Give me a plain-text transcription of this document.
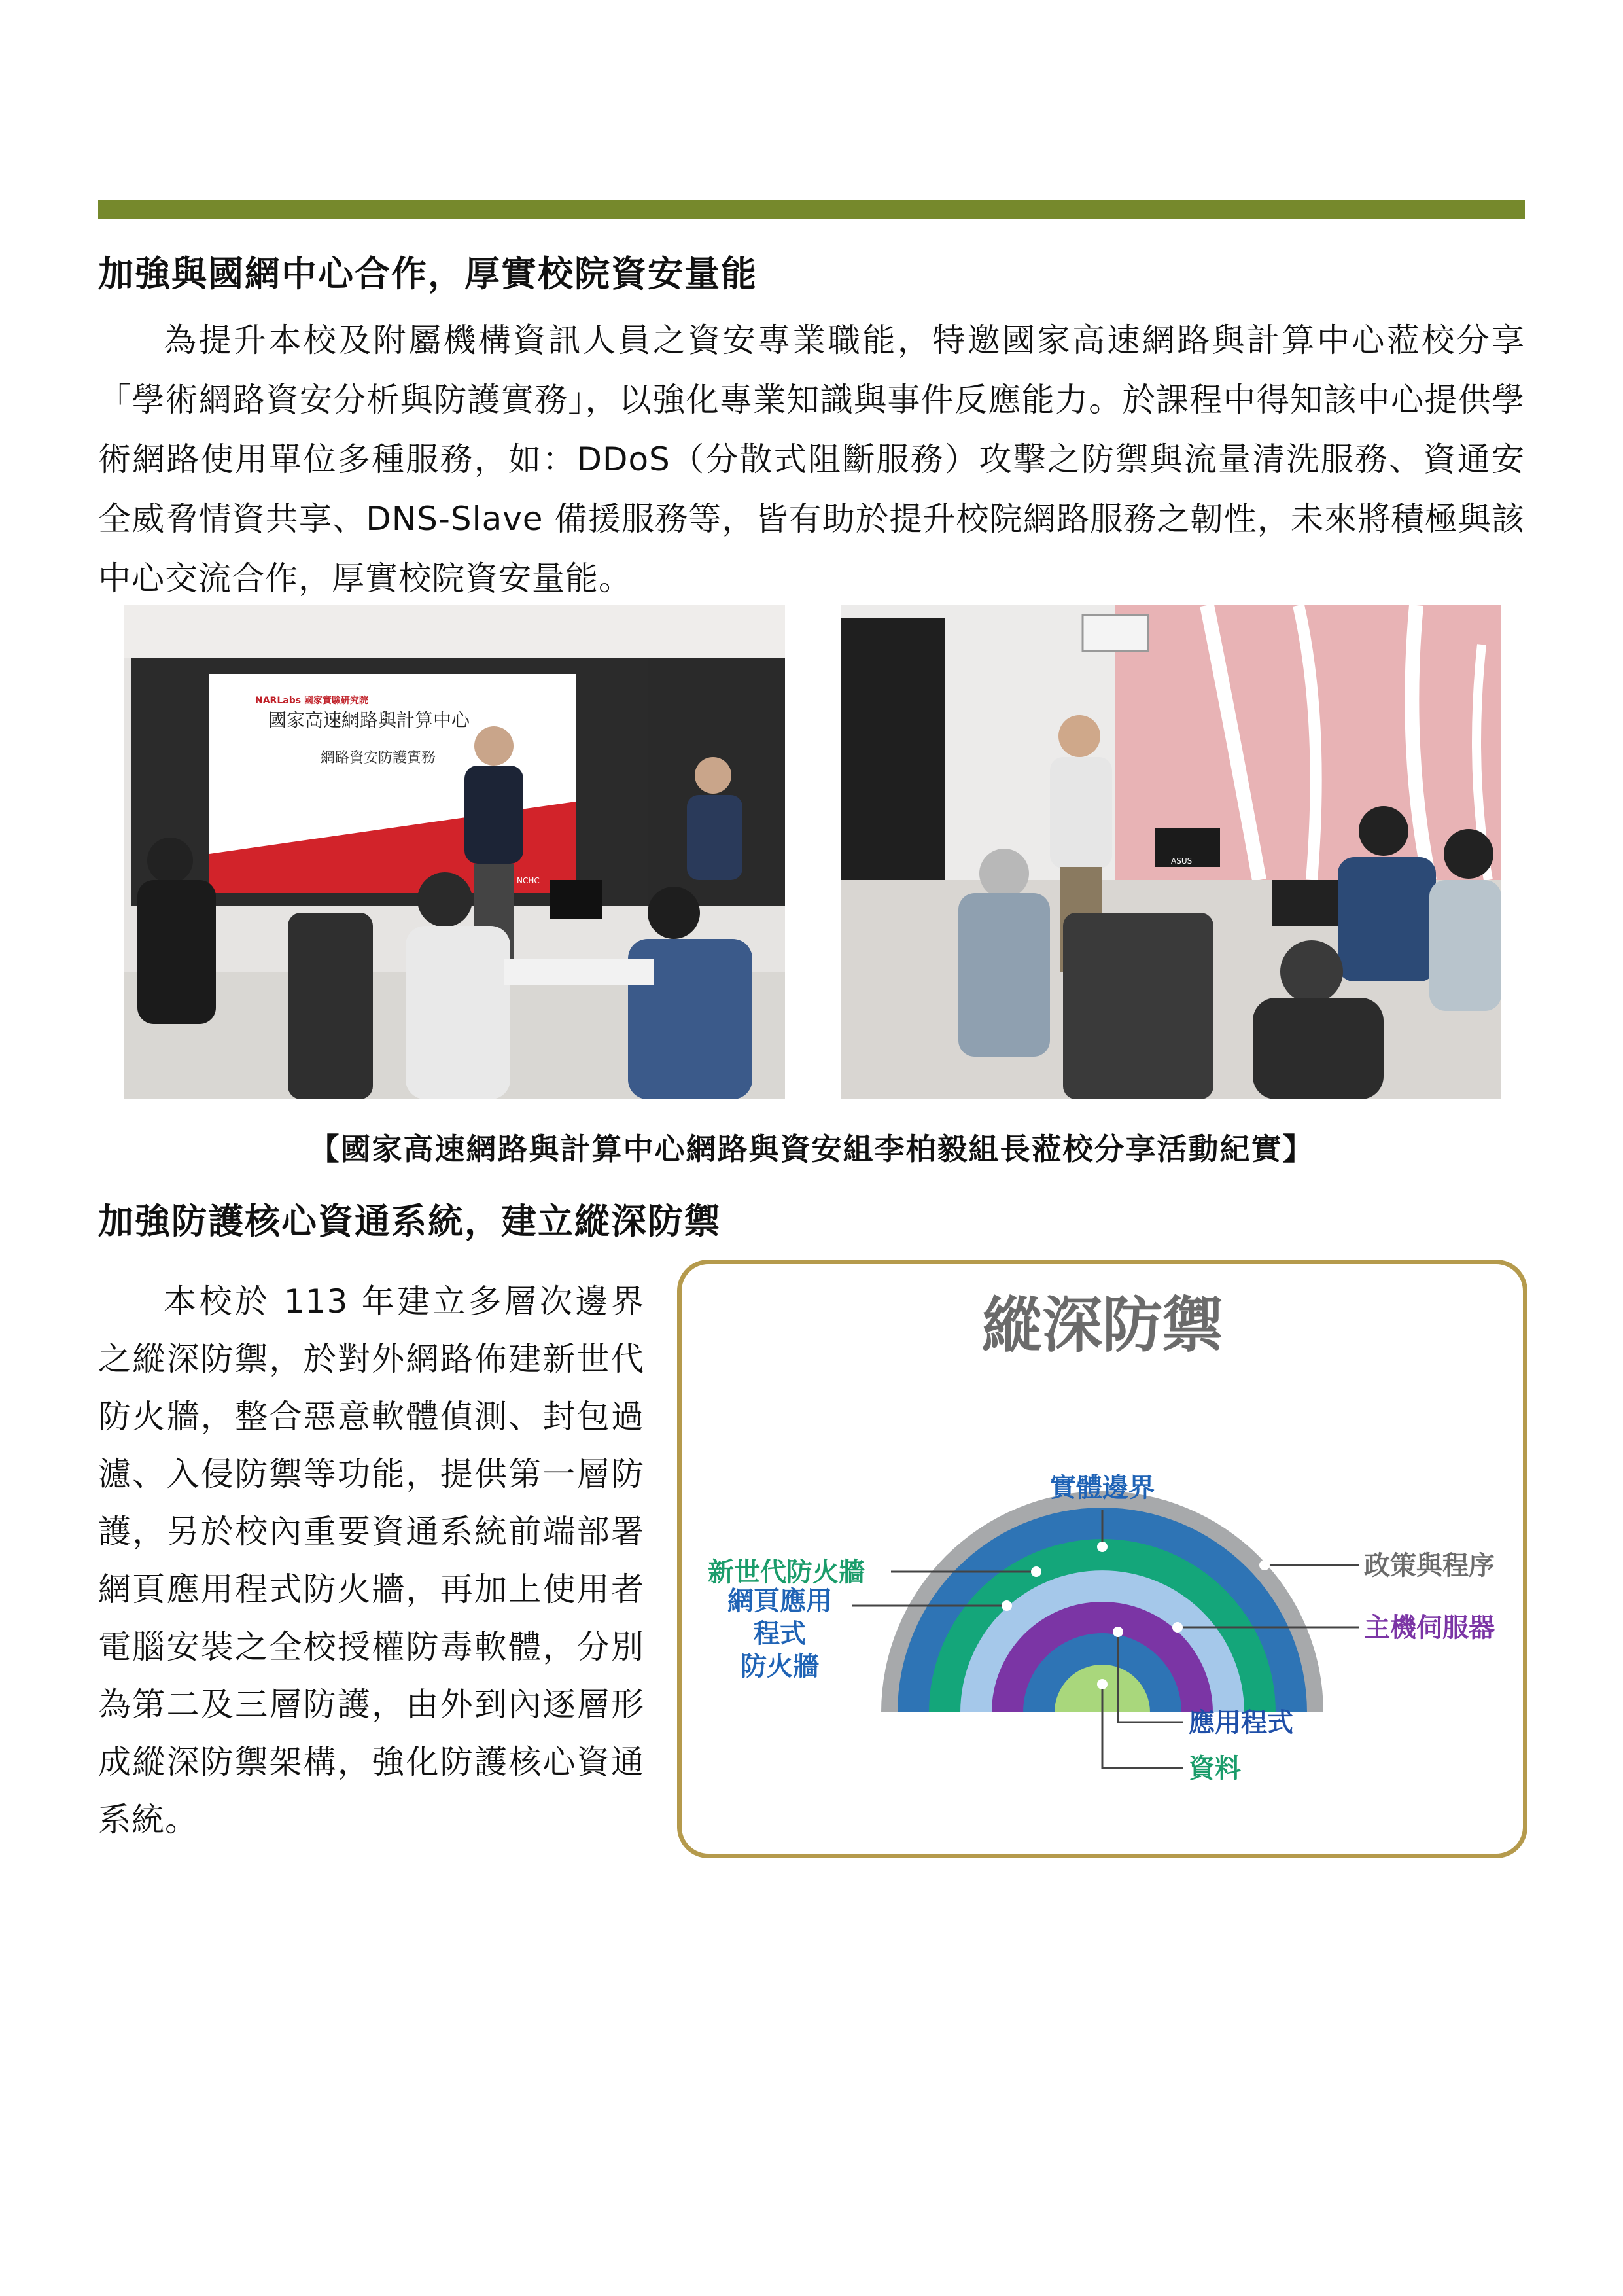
加強與國網中心合作，厚實校院資安量能
為提升本校及附屬機構資訊人員之資安專業職能，特邀國家高速網路與計算中心蒞校分享「學術網路資安分析與防護實務」，以強化專業知識與事件反應能力。於課程中得知該中心提供學術網路使用單位多種服務，如：DDoS（分散式阻斷服務）攻擊之防禦與流量清洗服務、資通安全威脅情資共享、DNS-Slave 備援服務等，皆有助於提升校院網路服務之韌性，未來將積極與該中心交流合作，厚實校院資安量能。
NARLabs 國家實驗研究院
國家高速網路與計算中心
網路資安防護實務
NCHC
ASUS
【國家高速網路與計算中心網路與資安組李柏毅組長蒞校分享活動紀實】
加強防護核心資通系統，建立縱深防禦
本校於 113 年建立多層次邊界之縱深防禦，於對外網路佈建新世代防火牆，整合惡意軟體偵測、封包過濾、入侵防禦等功能，提供第一層防護，另於校內重要資通系統前端部署網頁應用程式防火牆，再加上使用者電腦安裝之全校授權防毒軟體，分別為第二及三層防護，由外到內逐層形成縱深防禦架構，強化防護核心資通系統。
縱深防禦
實體邊界
新世代防火牆
網頁應用
程式
防火牆
政策與程序
主機伺服器
應用程式
資料
